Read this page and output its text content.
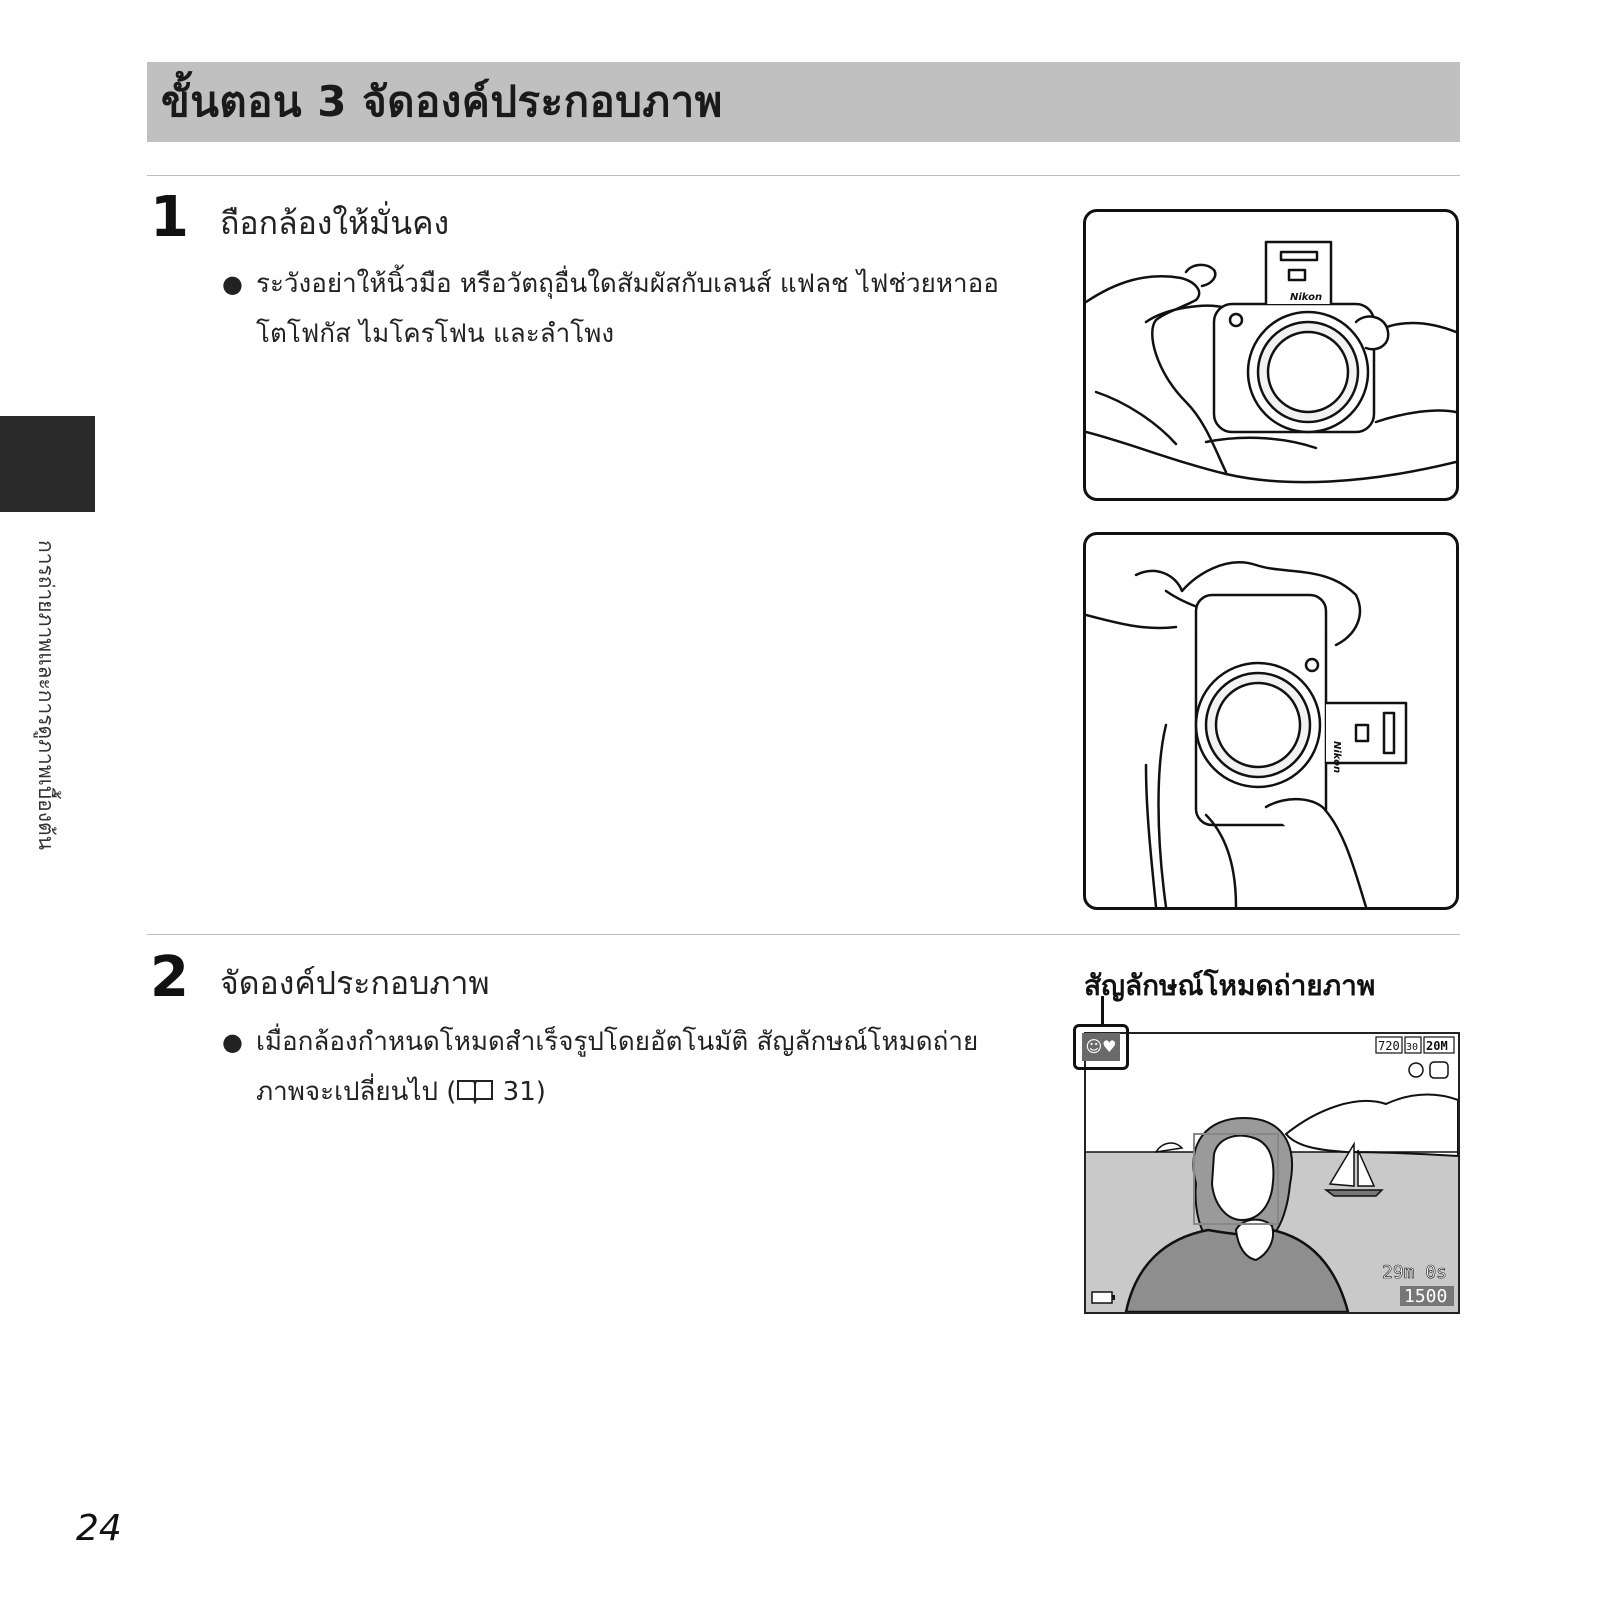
ขั้นตอน 3 จัดองค์ประกอบภาพ
การถ่ายภาพและการดูภาพเบื้องต้น
1 ถือกล้องให้มั่นคง
● ระวังอย่าให้นิ้วมือ หรือวัตถุอื่นใดสัมผัสกับเลนส์ แฟลช ไฟช่วยหาออโตโฟกัส ไมโครโฟน และลำโพง
Nikon
Nikon
2 จัดองค์ประกอบภาพ
● เมื่อกล้องกำหนดโหมดสำเร็จรูปโดยอัตโนมัติ สัญลักษณ์โหมดถ่ายภาพจะเปลี่ยนไป ( 31)
สัญลักษณ์โหมดถ่ายภาพ
720 30 20M
29m 0s
1500
☺♥
24
